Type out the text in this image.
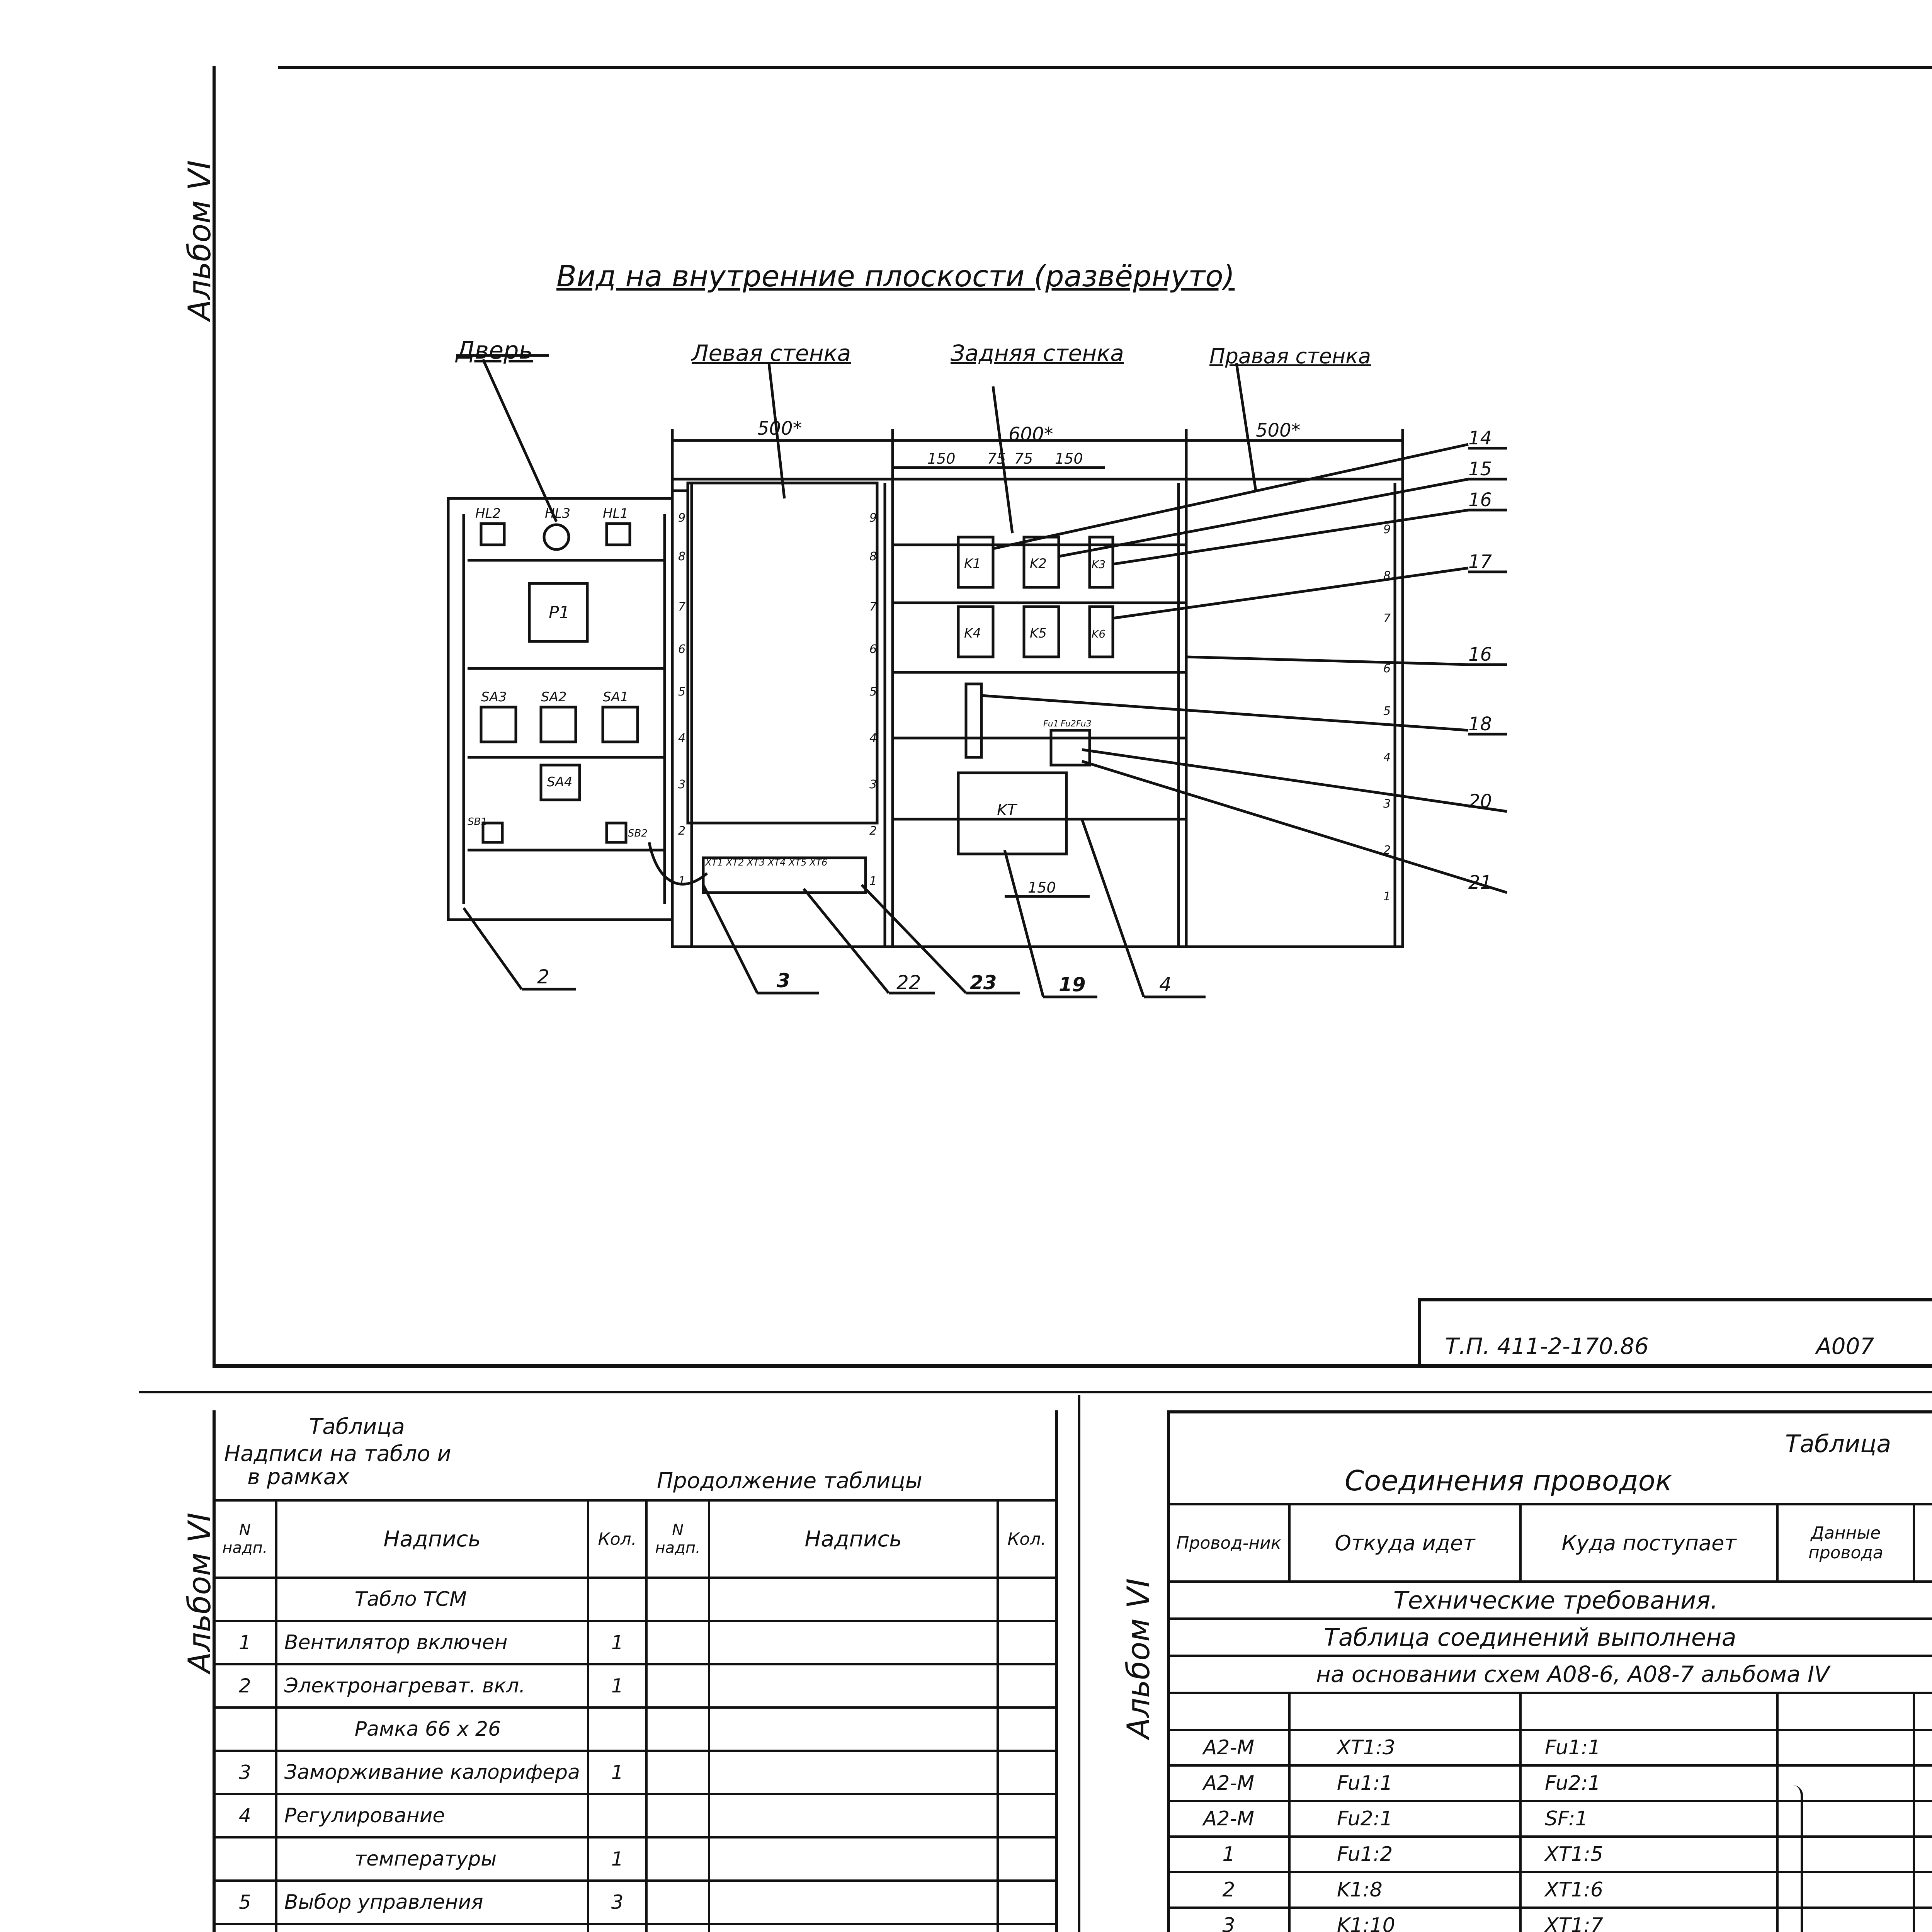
Альбом VI	Вид на внутренние плоскости (развёрнуто)
Дверь	Левая стенка	Задняя стенка	Правая стенка
9
8
7
6
5
4
3
2
1
9
8
7
6
5
4
3
2
1
9
8
7
6
5
4
3
2
1
HL2	HL3 HL1
P1
SA3	SA2	SA1
SA4
SB1
SB2
K1	K2	K3
K4	K5	K6
KT
Fu1 Fu2 Fu3
XT1 XT2 XT3 XT4 XT5 XT6
500*	600*	500*
150 75 75 150
150
14
15
16
17
16
18
20
21
2	3	22	23	19	4
Т.П. 411-2-170.86	А007
Альбом VI
Таблица
Надписи на табло и
в рамках	Продолжение таблицы
N надп.	Надпись	Кол.	N надп.	Надпись	Кол.
	Табло ТСМ				
1	Вентилятор включен	1			
2	Электронагреват. вкл.	1			
	Рамка 66 x 26				
3	Заморживание калорифера	1			
4	Регулирование				
	температуры	1			
5	Выбор управления	3			

Альбом VI
Таблица
Соединения проводок
Провод-ник	Откуда идет	Куда поступает	Данные провода	
Технические требования.				
Таблица соединений выполнена				
на основании схем А08-6, А08-7 альбома IV				

А2-М	XT1:3	Fu1:1		
А2-М	Fu1:1	Fu2:1		
А2-М	Fu2:1	SF:1		
1	Fu1:2	XT1:5		
2	K1:8	XT1:6		
3	K1:10	XT1:7		
